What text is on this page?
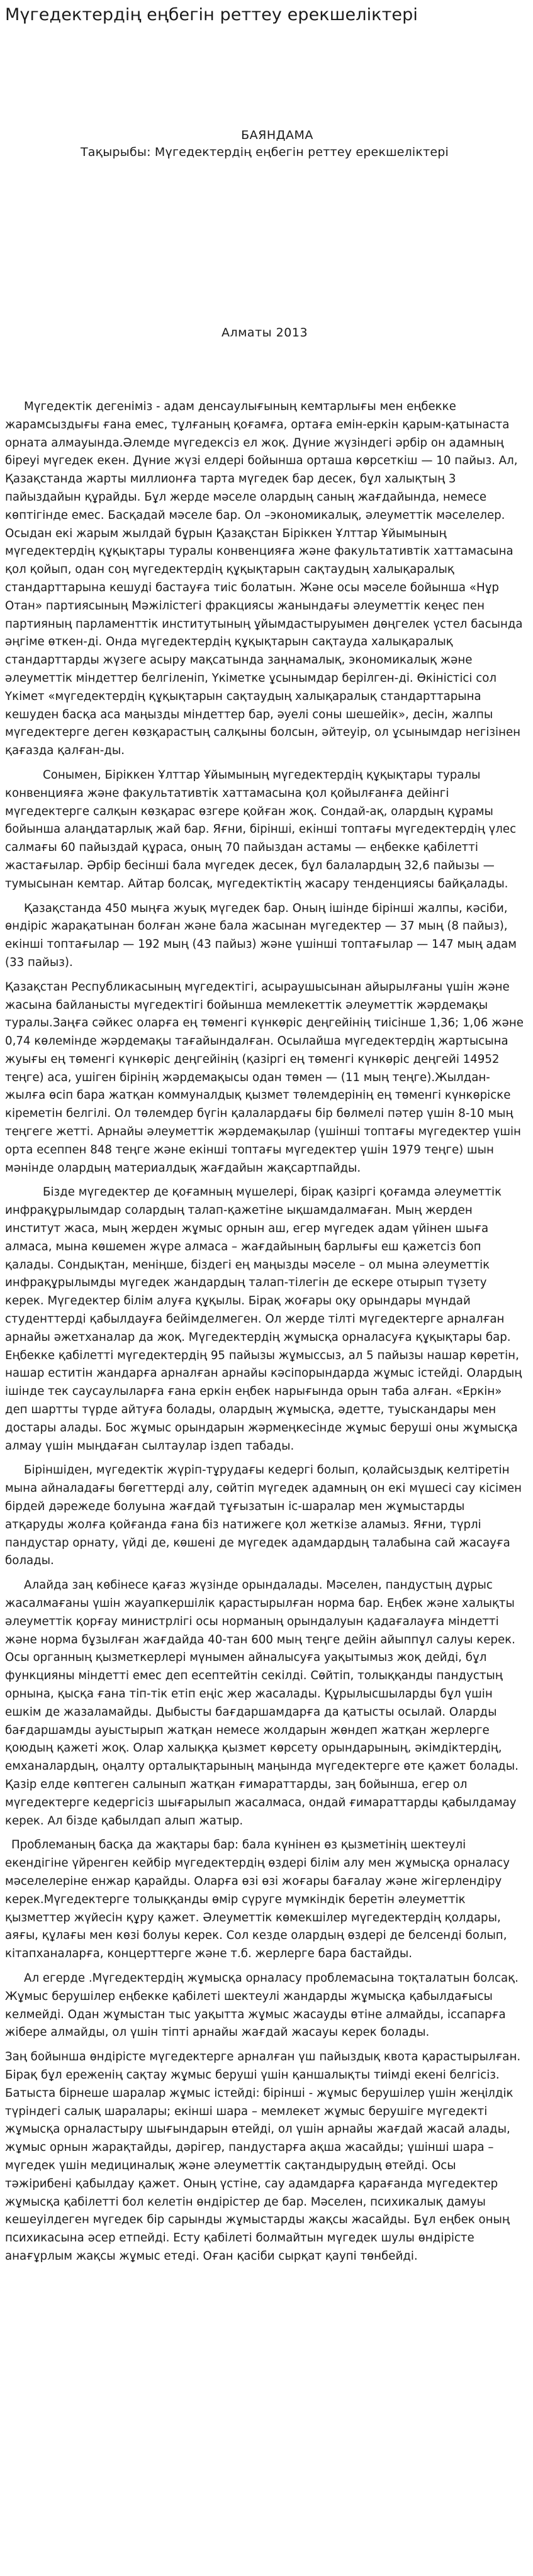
Мүгедектердің еңбегін реттеу ерекшеліктері
БАЯНДАМА
Тақырыбы: Мүгедектердің еңбегін реттеу ерекшеліктері
Алматы 2013

Мүгедектік дегеніміз - адам денсаулығының кемтарлығы мен еңбекке жарамсыздығы ғана емес, тұлғаның қоғамға, ортаға емін-еркін қарым-қатынаста орната алмауында.Әлемде мүгедексіз ел жоқ. Дүние жүзіндегі әрбір он адамның біреуі мүгедек екен. Дүние жүзі елдері бойынша орташа көрсеткіш — 10 пайыз. Ал, Қазақстанда жарты миллионға тарта мүгедек бар десек, бұл халықтың 3 пайыздайын құрайды. Бұл жерде мәселе олардың саның жағдайында, немесе көптігінде емес. Басқадай мәселе бар. Ол –экономикалық, әлеуметтік мәселелер. Осыдан екі жарым жылдай бұрын Қазақстан Біріккен Ұлттар Ұйымының мүгедектердің құқықтары туралы конвенцияға және факультативтік хаттамасына қол қойып, одан соң мүгедектердің құқықтарын сақтаудың халықаралық стандарттарына кешуді бастауға тиіс болатын. Және осы мәселе бойынша «Нұр Отан» партиясының Мәжілістегі фракциясы жанындағы әлеуметтік кеңес пен партияның парламенттік институтының ұйымдастыруымен дөңгелек үстел басында әңгіме өткен-ді. Онда мүгедектердің құқықтарын сақтауда халықаралық стандарттарды жүзеге асыру мақсатында заңнамалық, экономикалық және әлеуметтік міндеттер белгіленіп, Үкіметке ұсынымдар берілген-ді. Өкіністісі сол Үкімет «мүгедектердің құқықтарын сақтаудың халықаралық стандарттарына кешуден басқа аса маңызды міндеттер бар, әуелі соны шешейік», десін, жалпы мүгедектерге деген көзқарастың салқыны болсын, әйтеуір, ол ұсынымдар негізінен қағазда қалған-ды.

Сонымен, Біріккен Ұлттар Ұйымының мүгедектердің құқықтары туралы конвенцияға және факультативтік хаттамасына қол қойылғанға дейінгі мүгедектерге салқын көзқарас өзгере қойған жоқ. Сондай-ақ, олардың құрамы бойынша алаңдатарлық жай бар. Яғни, біріншi, екінші топтағы мүгедектердің үлес салмағы 60 пайыздай құраса, оның 70 пайыздан астамы — еңбекке қабілетті жастағылар. Әрбір бесінші бала мүгедек десек, бұл балалардың 32,6 пайызы — тумысынан кемтар. Айтар болсақ, мүгедектіктің жасару тенденциясы байқалады.

Қазақстанда 450 мыңға жуық мүгедек бар. Оның ішінде бірінші жалпы, кәсіби, өндіріс жарақатынан болған және бала жасынан мүгедектер — 37 мың (8 пайыз), екінші топтағылар — 192 мың (43 пайыз) және үшінші топтағылар — 147 мың адам (33 пайыз).

Қазақстан Республикасының мүгедектігі, асыраушысынан айырылғаны үшін және жасына байланысты мүгедектігі бойынша мемлекеттік әлеуметтік жәрдемақы туралы.Заңға сәйкес оларға ең төменгі күнкөріс деңгейінің тиісінше 1,36; 1,06 және 0,74 көлемінде жәрдемақы тағайындалған. Осылайша мүгедектердің жартысына жуығы ең төменгі күнкөріс деңгейінің (қазіргі ең төменгі күнкөріс деңгейі 14952 теңге) аса, ушіген бірінің жәрдемақысы одан төмен — (11 мың теңге).Жылдан-жылға өсіп бара жатқан коммуналдық қызмет төлемдерінің ең төменгі күнкөріске кіреметін белгілі. Ол төлемдер бүгін қалалардағы бір бөлмелі пәтер үшін 8-10 мың теңгеге жетті. Арнайы әлеуметтік жәрдемақылар (үшінші топтағы мүгедектер үшін орта есеппен 848 теңге және екінші топтағы мүгедектер үшін 1979 теңге) шын мәнінде олардың материалдық жағдайын жақсартпайды.

Бізде мүгедектер де қоғамның мүшелері, бірақ қазіргі қоғамда әлеуметтік инфрақұрылымдар солардың талап-қажетіне ықшамдалмаған. Мың жерден институт жаса, мың жерден жұмыс орнын аш, егер мүгедек адам үйінен шыға алмаса, мына көшемен жүре алмаса – жағдайының барлығы еш қажетсіз боп қалады. Сондықтан, меніңше, біздегі ең маңызды мәселе – ол мына әлеуметтік инфрақұрылымды мүгедек жандардың талап-тілегін де ескере отырып түзету керек. Мүгедектер білім алуға құқылы. Бірақ жоғары оқу орындары мүндай студенттерді қабылдауға бейімделмеген. Ол жерде тілті мүгедектерге арналған арнайы әжетханалар да жоқ. Мүгедектердің жұмысқа орналасуға құқықтары бар. Еңбекке қабілетті мүгедектердің 95 пайызы жұмыссыз, ал 5 пайызы нашар көретін, нашар еститін жандарға арналған арнайы кәсіпорындарда жұмыс істейді. Олардың ішінде тек саусаулыларға ғана еркін еңбек нарығында орын таба алған. «Еркін» деп шартты түрде айтуға болады, олардың жұмысқа, әдетте, туыскандары мен достары алады. Бос жұмыс орындарын жәрмеңкесінде жұмыс беруші оны жұмысқа алмау үшін мыңдаған сылтаулар іздеп табады.

Біріншіден, мүгедектік жүріп-тұрудағы кедергі болып, қолайсыздық келтіретін мына айналадағы бөгеттерді алу, сөйтіп мүгедек адамның он екі мүшесі сау кісімен бірдей дәрежеде болуына жағдай тұғызатын іс-шаралар мен жұмыстарды атқаруды жолға қойғанда ғана біз натижеге қол жеткізе аламыз. Яғни, түрлі пандустар орнату, үйді де, көшені де мүгедек адамдардың талабына сай жасауға болады.

Алайда заң көбінесе қағаз жүзінде орындалады. Мәселен, пандустың дұрыс жасалмағаны үшін жауапкершілік қарастырылған норма бар. Еңбек және халықты әлеуметтік қорғау министрлігі осы норманың орындалуын қадағалауға міндетті және норма бұзылған жағдайда 40-тан 600 мың теңге дейін айыппұл салуы керек. Осы органның қызметкерлері мүнымен айналысуға уақытымыз жоқ дейді, бұл функцияны міндетті емес деп есептейтін секілді. Сөйтіп, толыққанды пандустың орнына, қысқа ғана тіп-тік етіп еңіс жер жасалады. Құрылысшыларды бұл үшін ешкім де жазаламайды. Дыбысты бағдаршамдарға да қатысты осылай. Оларды бағдаршамды ауыстырып жатқан немесе жолдарын жөндеп жатқан жерлерге қоюдың қажеті жоқ. Олар халыққа қызмет көрсету орындарының, әкімдіктердің, емханалардың, оңалту орталықтарының маңында мүгедектерге өте қажет болады. Қазір елде көптеген салынып жатқан ғимараттарды, заң бойынша, егер ол мүгедектерге кедергісіз шығарылып жасалмаса, ондай ғимараттарды қабылдамау керек. Ал бізде қабылдап алып жатыр.

Проблеманың басқа да жақтары бар: бала күнінен өз қызметінің шектеулі екендігіне үйренген кейбір мүгедектердің өздері білім алу мен жұмысқа орналасу мәселелеріне енжар қарайды. Оларға өзі өзі жоғары бағалау және жігерлендіру керек.Мүгедектерге толыққанды өмір сүруге мүмкіндік беретін әлеуметтік қызметтер жүйесін құру қажет. Әлеуметтік көмекшілер мүгедектердің қолдары, аяғы, құлағы мен көзі болуы керек. Сол кезде олардың өздері де белсенді болып, кітапханаларға, концерттерге және т.б. жерлерге бара бастайды.

Ал егерде .Мүгедектердің жұмысқа орналасу проблемасына тоқталатын болсақ. Жұмыс берушілер еңбекке қабілеті шектеулі жандарды жұмысқа қабылдағысы келмейді. Одан жұмыстан тыс уақытта жұмыс жасауды өтіне алмайды, іссапарға жібере алмайды, ол үшін тіпті арнайы жағдай жасауы керек болады.

Заң бойынша өндірісте мүгедектерге арналған үш пайыздық квота қарастырылған. Бірақ бұл ереженің сақтау жұмыс беруші үшін қаншалықты тиімді екені белгісіз. Батыста бірнеше шаралар жұмыс істейді: біріншi - жұмыс берушілер үшін жеңілдік түріндегі салық шаралары; екінші шара – мемлекет жұмыс берушіге мүгедекті жұмысқа орналастыру шығындарын өтейді, ол үшін арнайы жағдай жасай алады, жұмыс орнын жарақтайды, дәрігер, пандустарға ақша жасайды; үшінші шара – мүгедек үшін медициналық және әлеуметтік сақтандырудың өтейді. Осы тәжірибені қабылдау қажет. Оның үстіне, сау адамдарға қарағанда мүгедектер жұмысқа қабілетті бол келетін өндірістер де бар. Мәселен, психикалық дамуы кешеуілдеген мүгедек бір сарынды жұмыстарды жақсы жасайды. Бұл еңбек оның психикасына әсер етпейді. Есту қабілеті болмайтын мүгедек шулы өндірісте анағұрлым жақсы жұмыс етеді. Оған қасіби сырқат қаупі төнбейді.
